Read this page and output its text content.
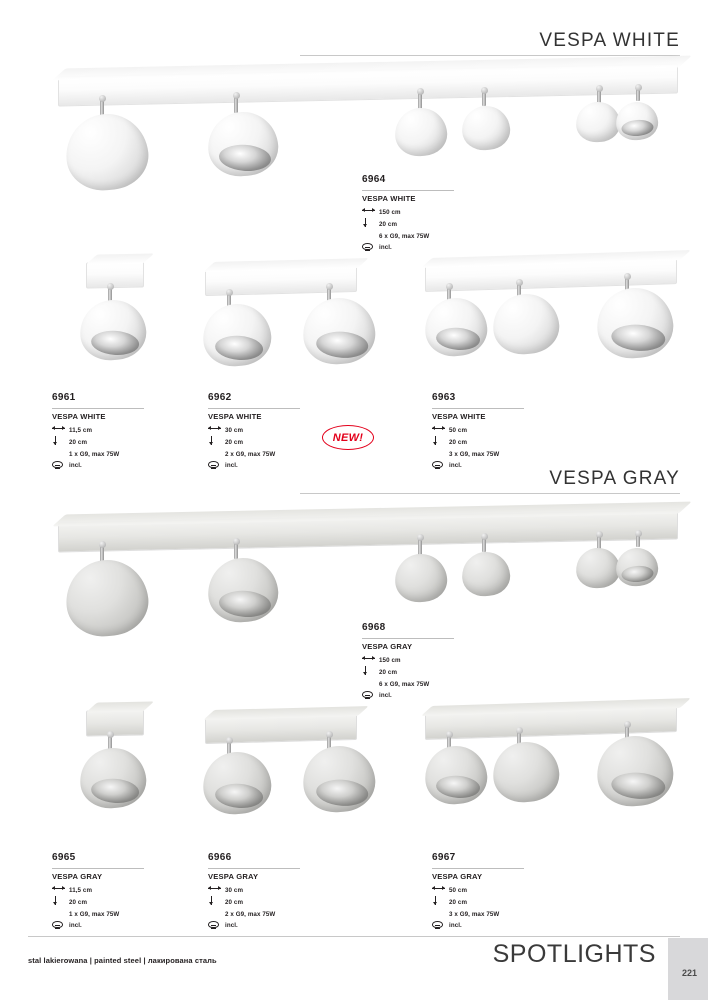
VESPA WHITE
6964
VESPA WHITE
150 cm
20 cm
6 x G9, max 75W
incl.
6961
VESPA WHITE
11,5 cm
20 cm
1 x G9, max 75W
incl.
6962
VESPA WHITE
30 cm
20 cm
2 x G9, max 75W
incl.
6963
VESPA WHITE
50 cm
20 cm
3 x G9, max 75W
incl.
NEW!
VESPA GRAY
6968
VESPA GRAY
150 cm
20 cm
6 x G9, max 75W
incl.
6965
VESPA GRAY
11,5 cm
20 cm
1 x G9, max 75W
incl.
6966
VESPA GRAY
30 cm
20 cm
2 x G9, max 75W
incl.
6967
VESPA GRAY
50 cm
20 cm
3 x G9, max 75W
incl.
stal lakierowana | painted steel | лакирована сталь	SPOTLIGHTS
221
